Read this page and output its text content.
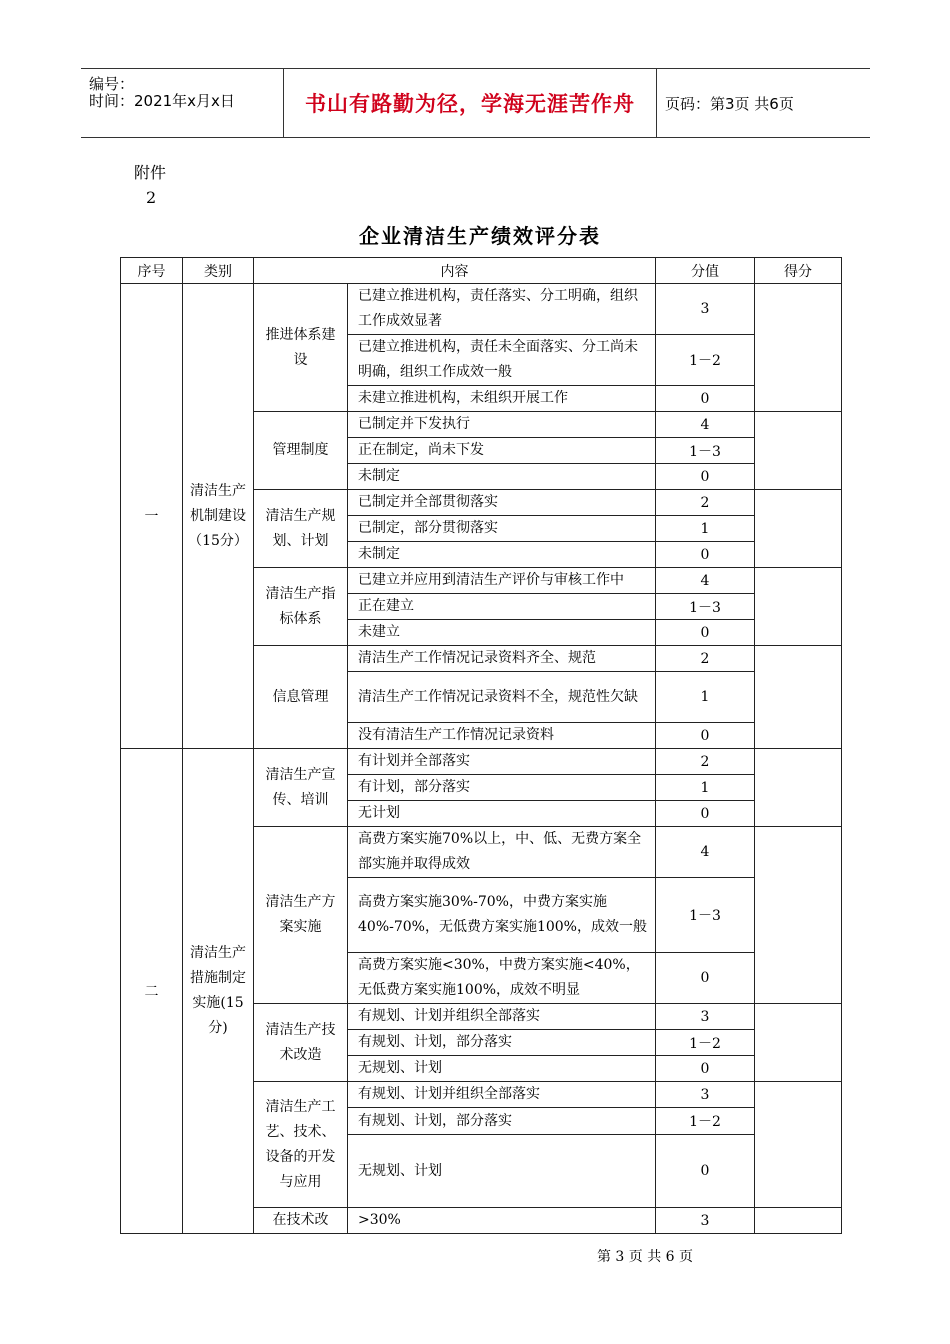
编号：
时间：2021年x月x日	书山有路勤为径，学海无涯苦作舟	页码：第3页 共6页
附件
2
企业清洁生产绩效评分表
序号	类别	内容		分值	得分
一	清洁生产机制建设（15分）	推进体系建设	已建立推进机构，责任落实、分工明确，组织工作成效显著	3	
			已建立推进机构，责任未全面落实、分工尚未明确，组织工作成效一般	1－2	
			未建立推进机构，未组织开展工作	0	
		管理制度	已制定并下发执行	4	
			正在制定，尚未下发	1－3	
			未制定	0	
		清洁生产规划、计划	已制定并全部贯彻落实	2	
			已制定，部分贯彻落实	1	
			未制定	0	
		清洁生产指标体系	已建立并应用到清洁生产评价与审核工作中	4	
			正在建立	1－3	
			未建立	0	
		信息管理	清洁生产工作情况记录资料齐全、规范	2	
			清洁生产工作情况记录资料不全，规范性欠缺	1	
			没有清洁生产工作情况记录资料	0	
二	清洁生产措施制定实施(15分)	清洁生产宣传、培训	有计划并全部落实	2	
			有计划，部分落实	1	
			无计划	0	
		清洁生产方案实施	高费方案实施70%以上，中、低、无费方案全部实施并取得成效	4	
			高费方案实施30%-70%，中费方案实施40%-70%，无低费方案实施100%，成效一般	1－3	
			高费方案实施<30%，中费方案实施<40%，无低费方案实施100%，成效不明显	0	
		清洁生产技术改造	有规划、计划并组织全部落实	3	
			有规划、计划，部分落实	1－2	
			无规划、计划	0	
		清洁生产工艺、技术、设备的开发与应用	有规划、计划并组织全部落实	3	
			有规划、计划，部分落实	1－2	
			无规划、计划	0	
		在技术改	>30%	3	
第 3 页 共 6 页
